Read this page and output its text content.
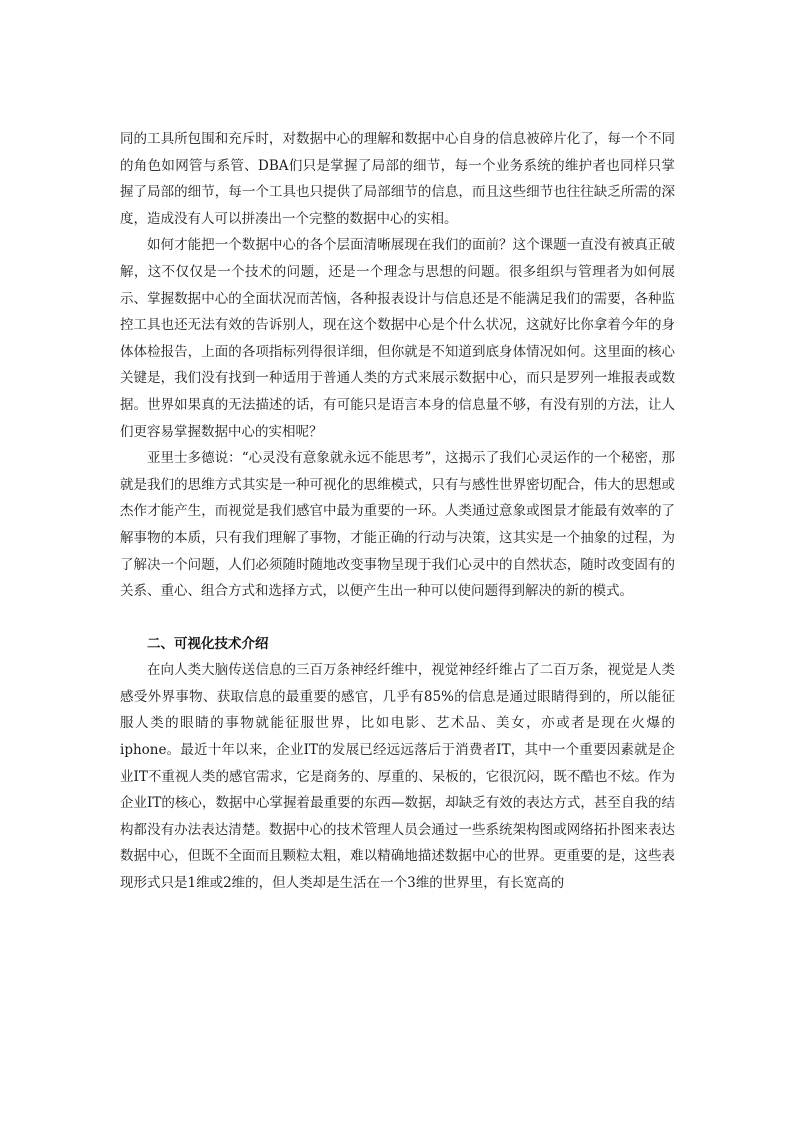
同的工具所包围和充斥时，对数据中心的理解和数据中心自身的信息被碎片化了，每一个不同的角色如网管与系管、DBA们只是掌握了局部的细节，每一个业务系统的维护者也同样只掌握了局部的细节，每一个工具也只提供了局部细节的信息，而且这些细节也往往缺乏所需的深度，造成没有人可以拼凑出一个完整的数据中心的实相。

如何才能把一个数据中心的各个层面清晰展现在我们的面前？这个课题一直没有被真正破解，这不仅仅是一个技术的问题，还是一个理念与思想的问题。很多组织与管理者为如何展示、掌握数据中心的全面状况而苦恼，各种报表设计与信息还是不能满足我们的需要，各种监控工具也还无法有效的告诉别人，现在这个数据中心是个什么状况，这就好比你拿着今年的身体体检报告，上面的各项指标列得很详细，但你就是不知道到底身体情况如何。这里面的核心关键是，我们没有找到一种适用于普通人类的方式来展示数据中心，而只是罗列一堆报表或数据。世界如果真的无法描述的话，有可能只是语言本身的信息量不够，有没有别的方法，让人们更容易掌握数据中心的实相呢？

亚里士多德说：“心灵没有意象就永远不能思考”，这揭示了我们心灵运作的一个秘密，那就是我们的思维方式其实是一种可视化的思维模式，只有与感性世界密切配合，伟大的思想或杰作才能产生，而视觉是我们感官中最为重要的一环。人类通过意象或图景才能最有效率的了解事物的本质，只有我们理解了事物，才能正确的行动与决策，这其实是一个抽象的过程，为了解决一个问题，人们必须随时随地改变事物呈现于我们心灵中的自然状态，随时改变固有的关系、重心、组合方式和选择方式，以便产生出一种可以使问题得到解决的新的模式。

二、可视化技术介绍

在向人类大脑传送信息的三百万条神经纤维中，视觉神经纤维占了二百万条，视觉是人类感受外界事物、获取信息的最重要的感官，几乎有85%的信息是通过眼睛得到的，所以能征服人类的眼睛的事物就能征服世界，比如电影、艺术品、美女，亦或者是现在火爆的iphone。最近十年以来，企业IT的发展已经远远落后于消费者IT，其中一个重要因素就是企业IT不重视人类的感官需求，它是商务的、厚重的、呆板的，它很沉闷，既不酷也不炫。作为企业IT的核心，数据中心掌握着最重要的东西—数据，却缺乏有效的表达方式，甚至自我的结构都没有办法表达清楚。数据中心的技术管理人员会通过一些系统架构图或网络拓扑图来表达数据中心，但既不全面而且颗粒太粗，难以精确地描述数据中心的世界。更重要的是，这些表现形式只是1维或2维的，但人类却是生活在一个3维的世界里，有长宽高的
